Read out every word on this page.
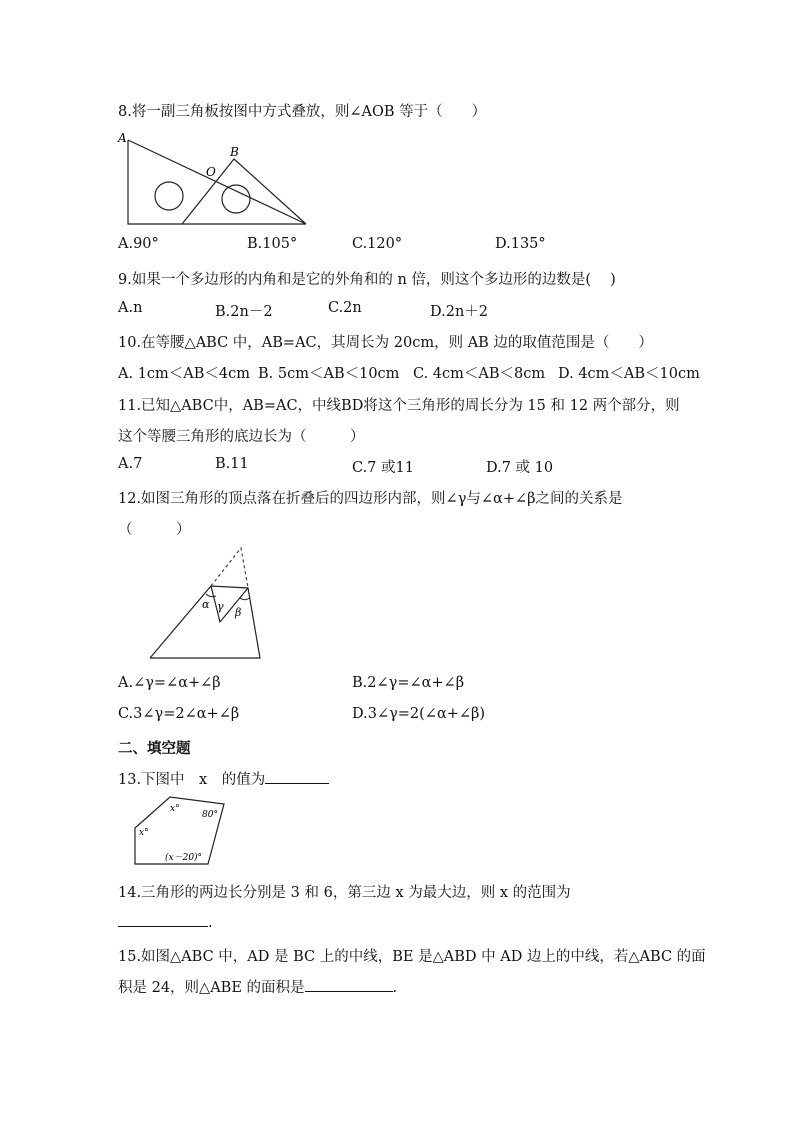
8.将一副三角板按图中方式叠放，则∠AOB 等于（　　）
A
B
O
A.90°	B.105°	C.120°	D.135°
9.如果一个多边形的内角和是它的外角和的 n 倍，则这个多边形的边数是(　 )
A.n	B.2n－2	C.2n	D.2n＋2
10.在等腰△ABC 中，AB=AC，其周长为 20cm，则 AB 边的取值范围是（　　）
A. 1cm＜AB＜4cm B. 5cm＜AB＜10cm C. 4cm＜AB＜8cm D. 4cm＜AB＜10cm
11.已知△ABC中，AB=AC，中线BD将这个三角形的周长分为 15 和 12 两个部分，则
这个等腰三角形的底边长为（　　　）
A.7	B.11	C.7 或11	D.7 或 10
12.如图三角形的顶点落在折叠后的四边形内部，则∠γ与∠α+∠β之间的关系是
（　　　）
α γ β
A.∠γ=∠α+∠β	B.2∠γ=∠α+∠β
C.3∠γ=2∠α+∠β	D.3∠γ=2(∠α+∠β)
二、填空题
13.下图中　x　的值为
x°
x°
80°
(x－20)°
14.三角形的两边长分别是 3 和 6，第三边 x 为最大边，则 x 的范围为
.
15.如图△ABC 中，AD 是 BC 上的中线，BE 是△ABD 中 AD 边上的中线，若△ABC 的面
积是 24，则△ABE 的面积是	.
